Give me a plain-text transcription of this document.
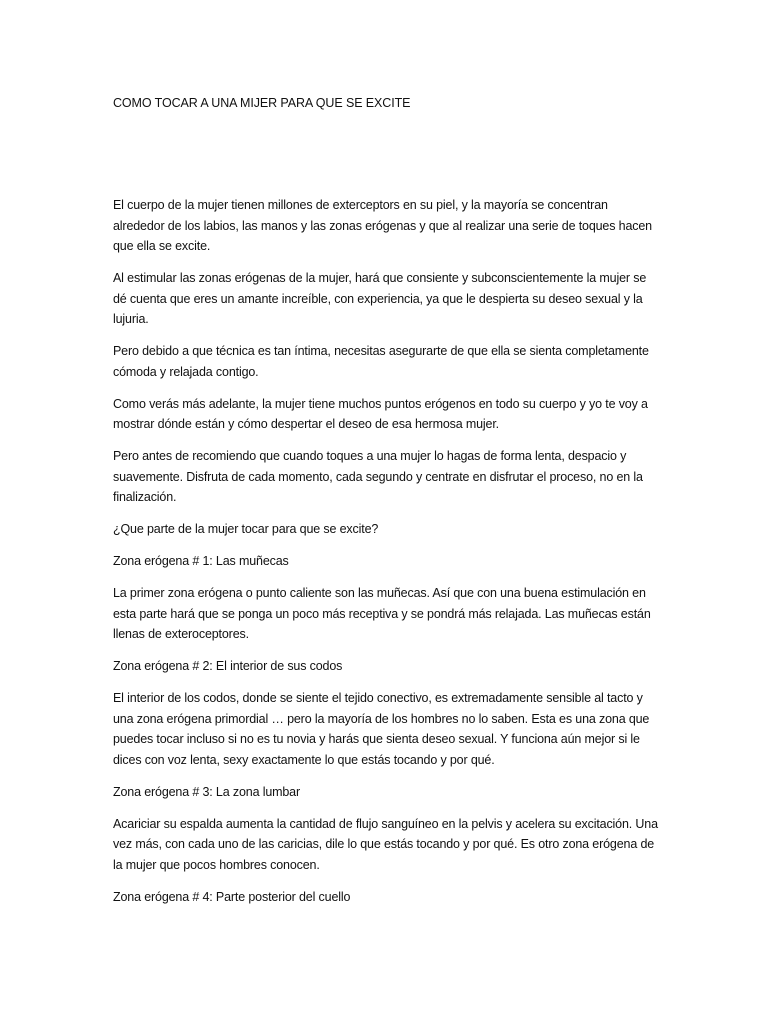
COMO TOCAR A UNA MIJER PARA QUE SE EXCITE

El cuerpo de la mujer tienen millones de exterceptors en su piel, y la mayoría se concentran alrededor de los labios, las manos y las zonas erógenas y que al realizar una serie de toques hacen que ella se excite.

Al estimular las zonas erógenas de la mujer, hará que consiente y subconscientemente la mujer se dé cuenta que eres un amante increíble, con experiencia, ya que le despierta su deseo sexual y la lujuria.

Pero debido a que técnica es tan íntima, necesitas asegurarte de que ella se sienta completamente cómoda y relajada contigo.

Como verás más adelante, la mujer tiene muchos puntos erógenos en todo su cuerpo y yo te voy a mostrar dónde están y cómo despertar el deseo de esa hermosa mujer.

Pero antes de recomiendo que cuando toques a una mujer lo hagas de forma lenta, despacio y suavemente. Disfruta de cada momento, cada segundo y centrate en disfrutar el proceso, no en la finalización.

¿Que parte de la mujer tocar para que se excite?

Zona erógena # 1: Las muñecas

La primer zona erógena o punto caliente son las muñecas. Así que con una buena estimulación en esta parte hará que se ponga un poco más receptiva y se pondrá más relajada. Las muñecas están llenas de exteroceptores.

Zona erógena # 2: El interior de sus codos

El interior de los codos, donde se siente el tejido conectivo, es extremadamente sensible al tacto y una zona erógena primordial … pero la mayoría de los hombres no lo saben. Esta es una zona que puedes tocar incluso si no es tu novia y harás que sienta deseo sexual. Y funciona aún mejor si le dices con voz lenta, sexy exactamente lo que estás tocando y por qué.

Zona erógena # 3: La zona lumbar

Acariciar su espalda aumenta la cantidad de flujo sanguíneo en la pelvis y acelera su excitación. Una vez más, con cada uno de las caricias, dile lo que estás tocando y por qué. Es otro zona erógena de la mujer que pocos hombres conocen.

Zona erógena # 4: Parte posterior del cuello
